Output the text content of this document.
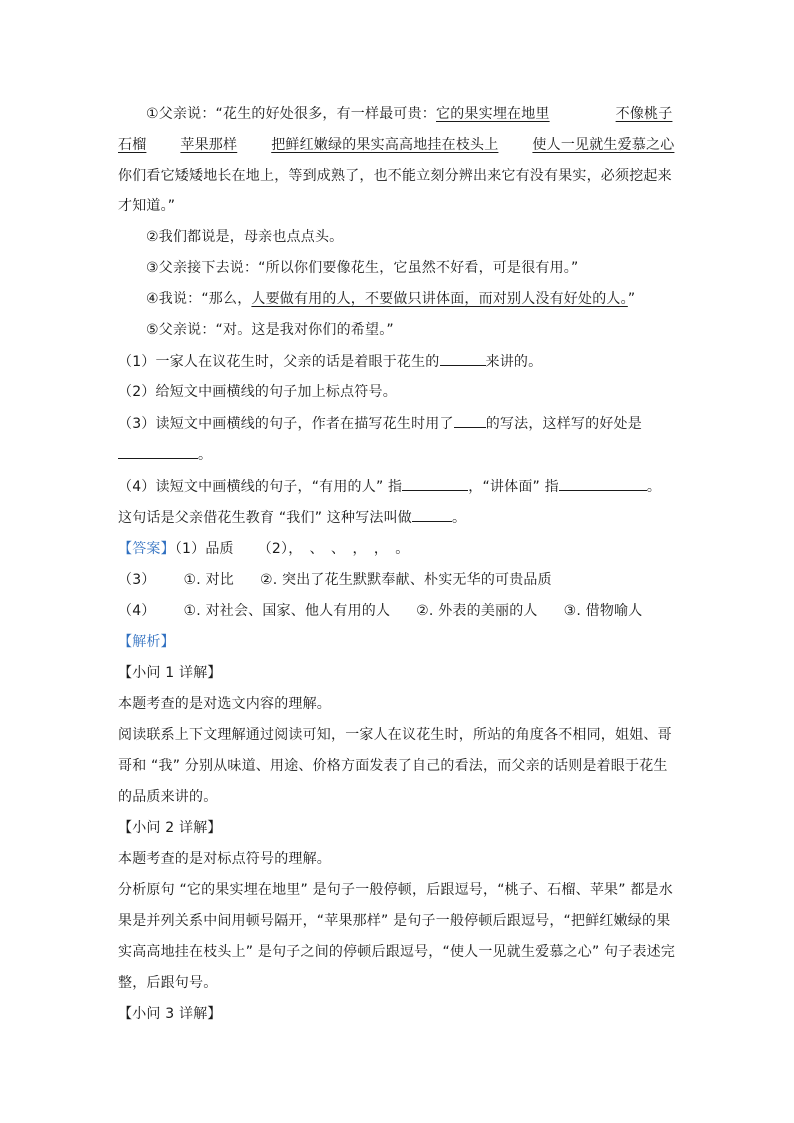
①父亲说：“花生的好处很多，有一样最可贵：它的果实埋在地里	不像桃子
石榴 苹果那样 把鲜红嫩绿的果实高高地挂在枝头上 使人一见就生爱慕之心
你们看它矮矮地长在地上，等到成熟了，也不能立刻分辨出来它有没有果实，必须挖起来
才知道。”
②我们都说是，母亲也点点头。
③父亲接下去说：“所以你们要像花生，它虽然不好看，可是很有用。”
④我说：“那么，人要做有用的人，不要做只讲体面，而对别人没有好处的人。”
⑤父亲说：“对。这是我对你们的希望。”
（1）一家人在议花生时，父亲的话是着眼于花生的	来讲的。
（2）给短文中画横线的句子加上标点符号。
（3）读短文中画横线的句子，作者在描写花生时用了 的写法，这样写的好处是
。
（4）读短文中画横线的句子，“有用的人” 指	，“讲体面” 指	。
这句话是父亲借花生教育 “我们” 这种写法叫做	。
【答案】（1）品质 （2），　、　、　，　，　。
（3） ①. 对比 ②. 突出了花生默默奉献、朴实无华的可贵品质
（4） ①. 对社会、国家、他人有用的人 ②. 外表的美丽的人 ③. 借物喻人
【解析】
【小问 1 详解】
本题考查的是对选文内容的理解。
阅读联系上下文理解通过阅读可知，一家人在议花生时，所站的角度各不相同，姐姐、哥
哥和 “我” 分别从味道、用途、价格方面发表了自己的看法，而父亲的话则是着眼于花生
的品质来讲的。
【小问 2 详解】
本题考查的是对标点符号的理解。
分析原句 “它的果实埋在地里” 是句子一般停顿，后跟逗号，“桃子、石榴、苹果” 都是水
果是并列关系中间用顿号隔开，“苹果那样” 是句子一般停顿后跟逗号，“把鲜红嫩绿的果
实高高地挂在枝头上” 是句子之间的停顿后跟逗号，“使人一见就生爱慕之心” 句子表述完
整，后跟句号。
【小问 3 详解】
